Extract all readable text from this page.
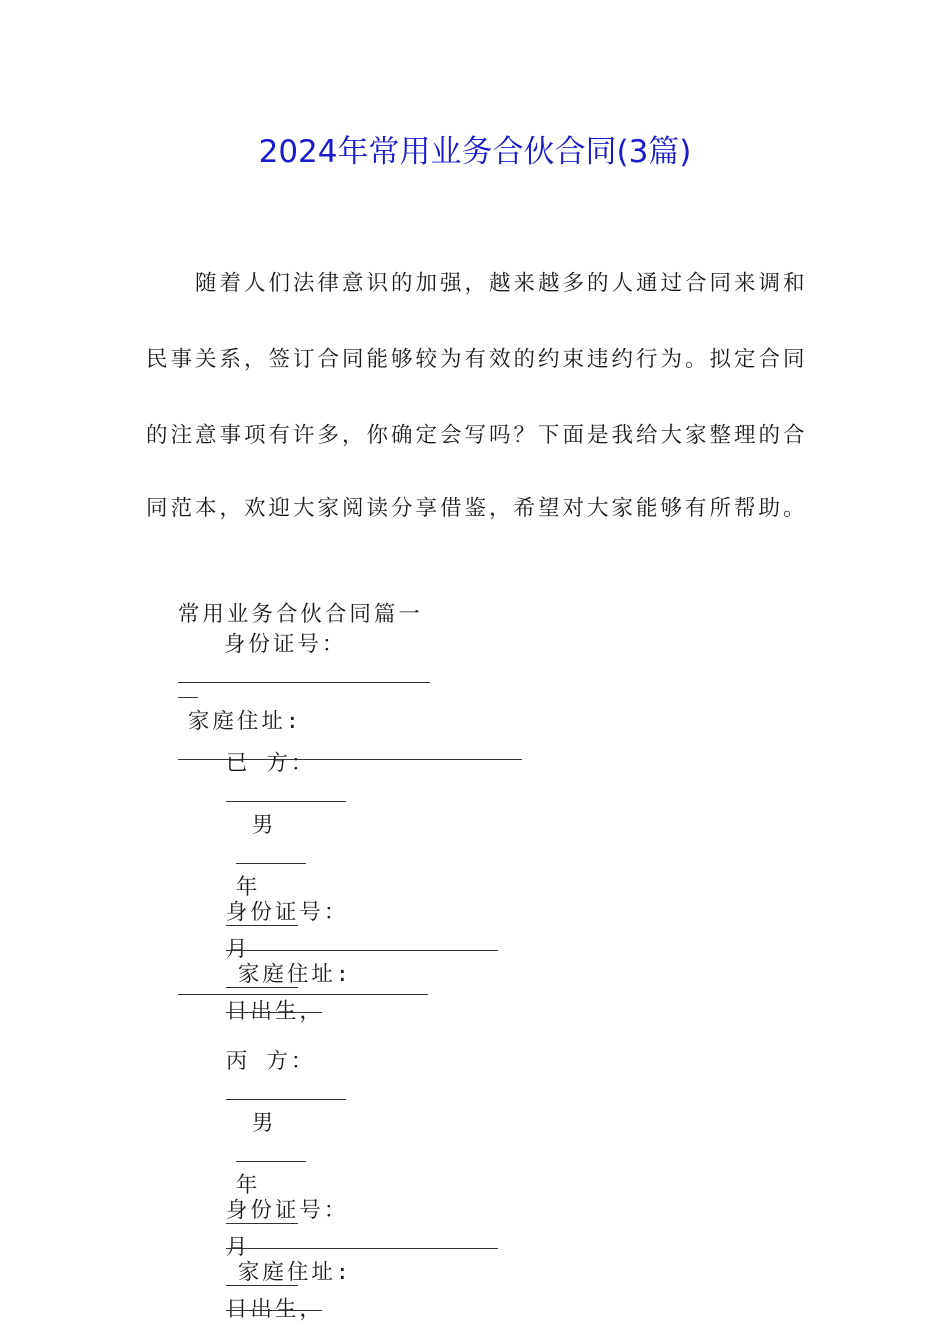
2024年常用业务合伙合同(3篇)
随着人们法律意识的加强，越来越多的人通过合同来调和
民事关系，签订合同能够较为有效的约束违约行为。拟定合同
的注意事项有许多，你确定会写吗？下面是我给大家整理的合
同范本，欢迎大家阅读分享借鉴，希望对大家能够有所帮助。

常用业务合伙合同篇一
身份证号：

家庭住址:

已 方：

男

年

月

日出生，

身份证号：

家庭住址:

丙 方：

男

年

月

日出生，

身份证号：

家庭住址:
